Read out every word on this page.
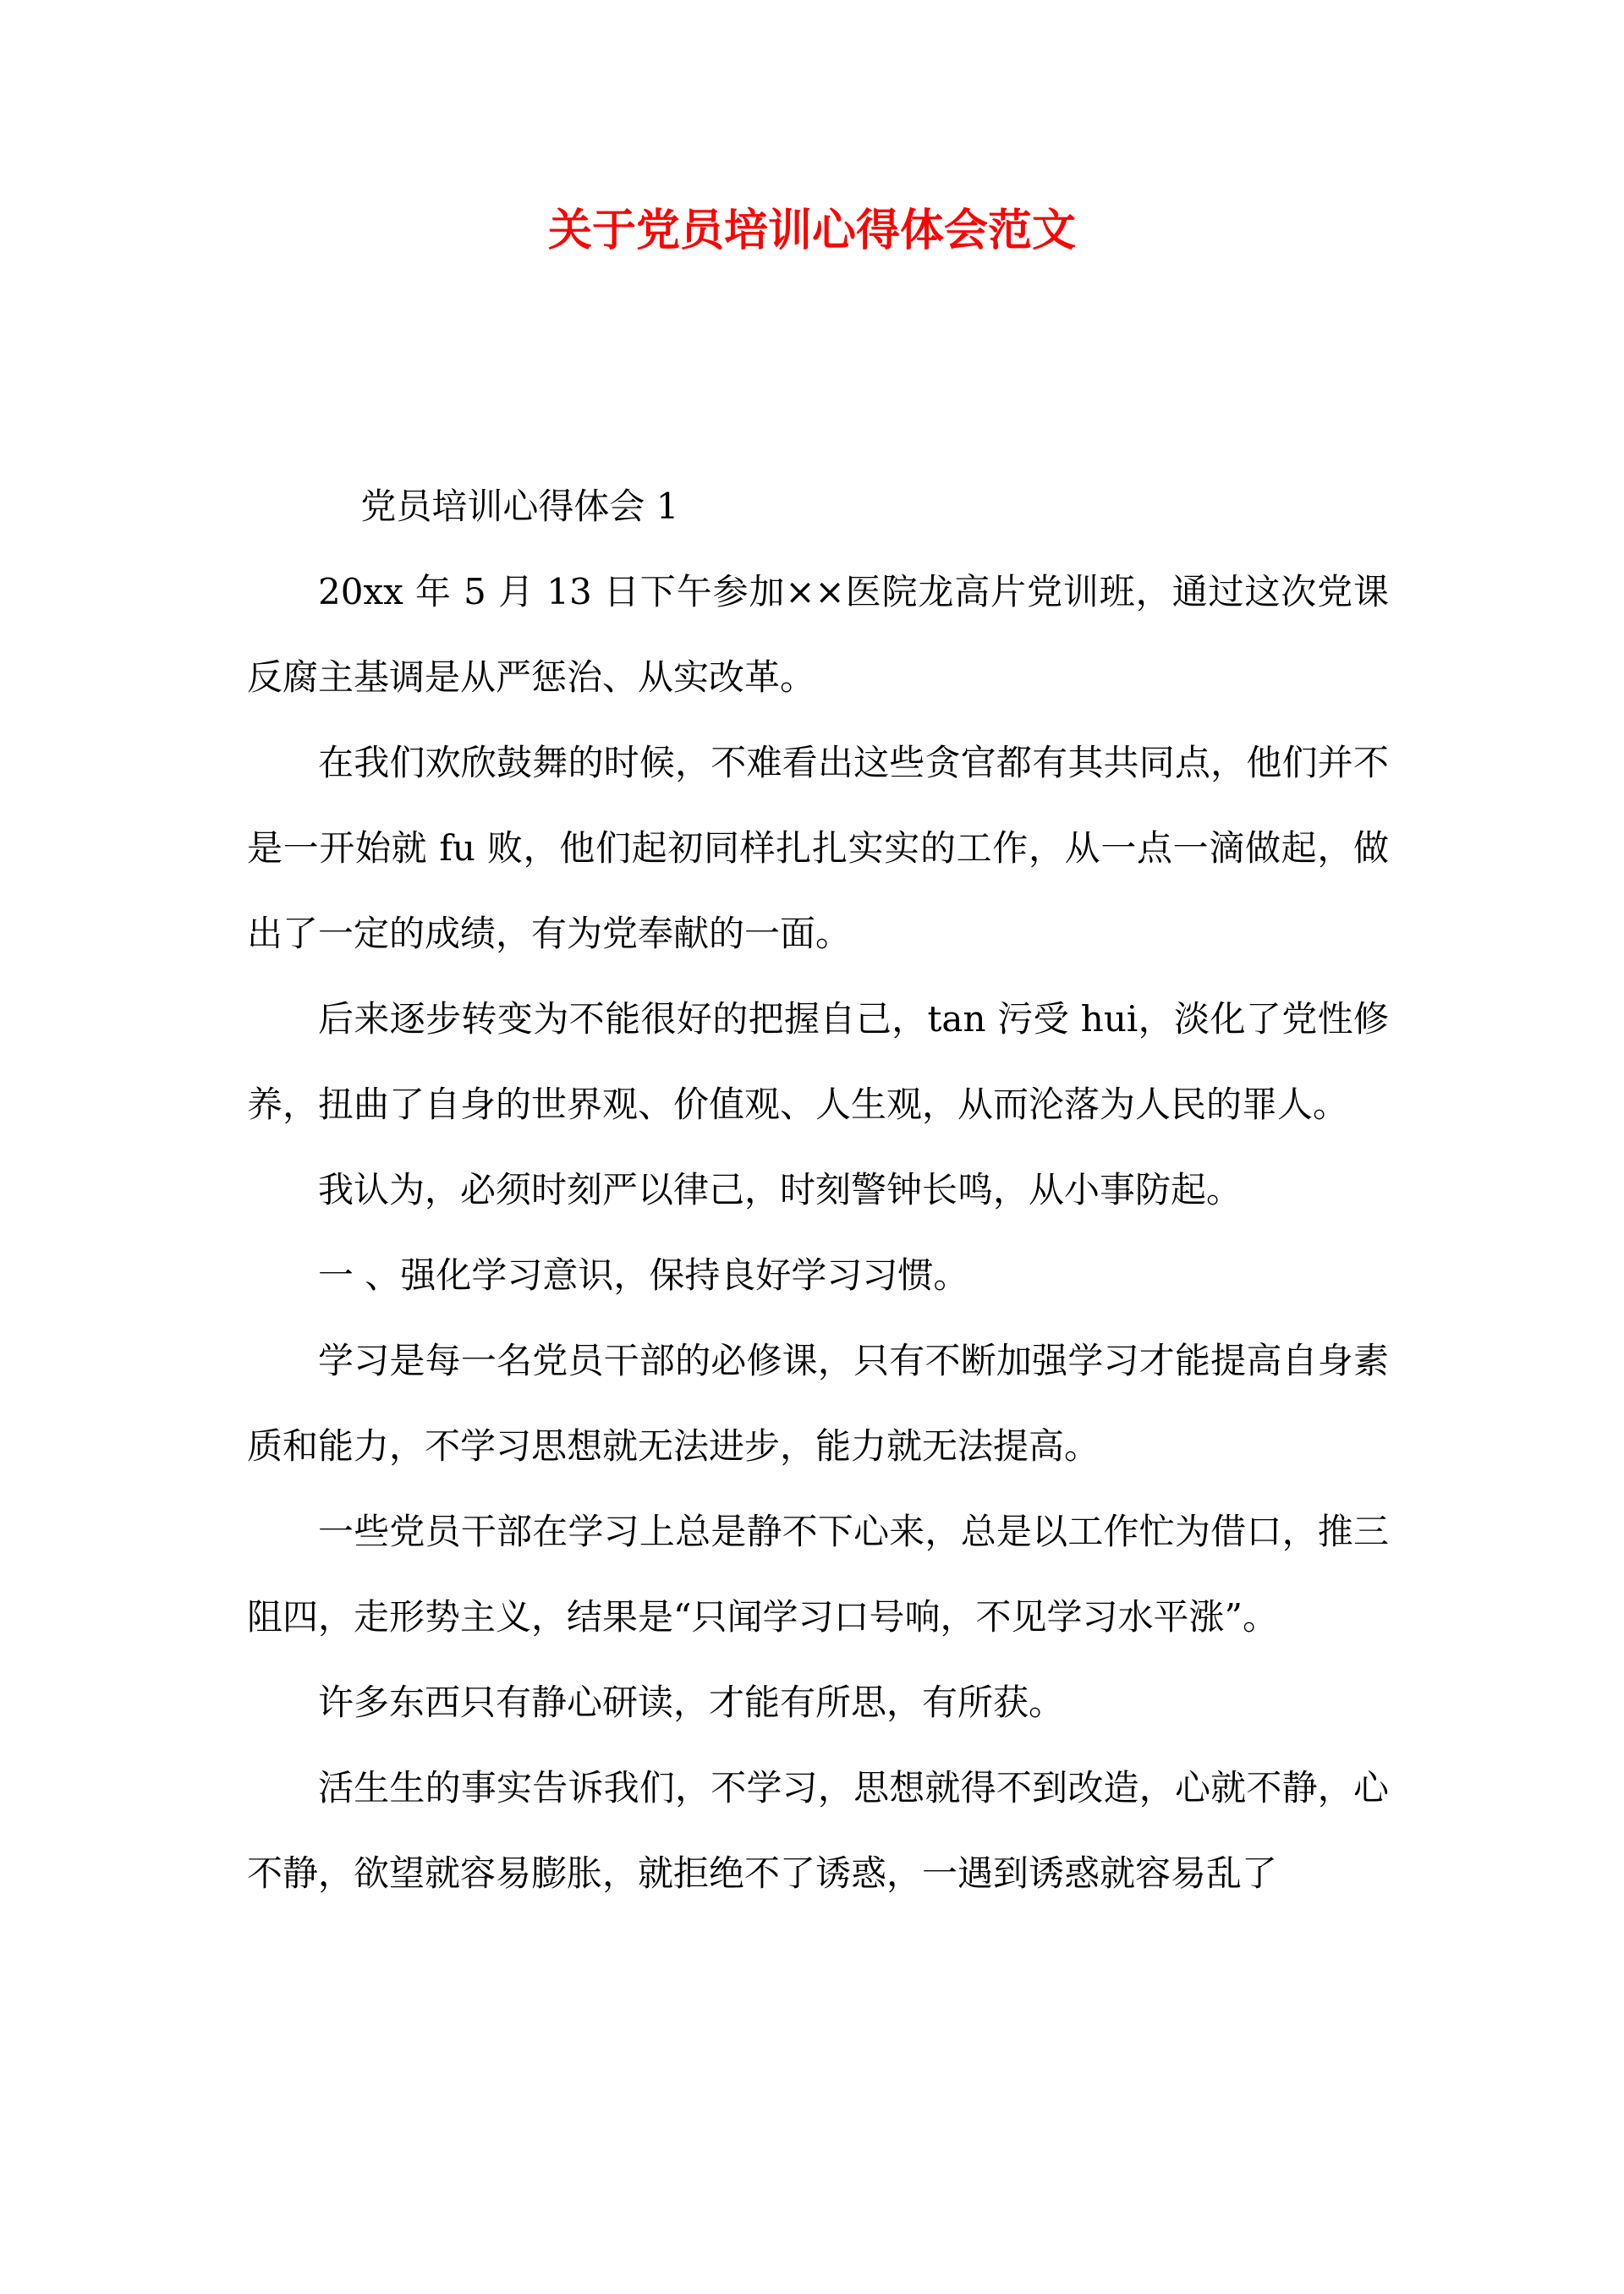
关于党员培训心得体会范文

党员培训心得体会 1

20xx 年 5 月 13 日下午参加××医院龙高片党训班，通过这次党课反腐主基调是从严惩治、从实改革。

在我们欢欣鼓舞的时候，不难看出这些贪官都有其共同点，他们并不是一开始就 fu 败，他们起初同样扎扎实实的工作，从一点一滴做起，做出了一定的成绩，有为党奉献的一面。

后来逐步转变为不能很好的把握自己，tan 污受 hui，淡化了党性修养，扭曲了自身的世界观、价值观、人生观，从而沦落为人民的罪人。

我认为，必须时刻严以律己，时刻警钟长鸣，从小事防起。

一 、强化学习意识，保持良好学习习惯。

学习是每一名党员干部的必修课，只有不断加强学习才能提高自身素质和能力，不学习思想就无法进步，能力就无法提高。

一些党员干部在学习上总是静不下心来，总是以工作忙为借口，推三阻四，走形势主义，结果是“只闻学习口号响，不见学习水平涨”。

许多东西只有静心研读，才能有所思，有所获。

活生生的事实告诉我们，不学习，思想就得不到改造，心就不静，心不静，欲望就容易膨胀，就拒绝不了诱惑，一遇到诱惑就容易乱了
